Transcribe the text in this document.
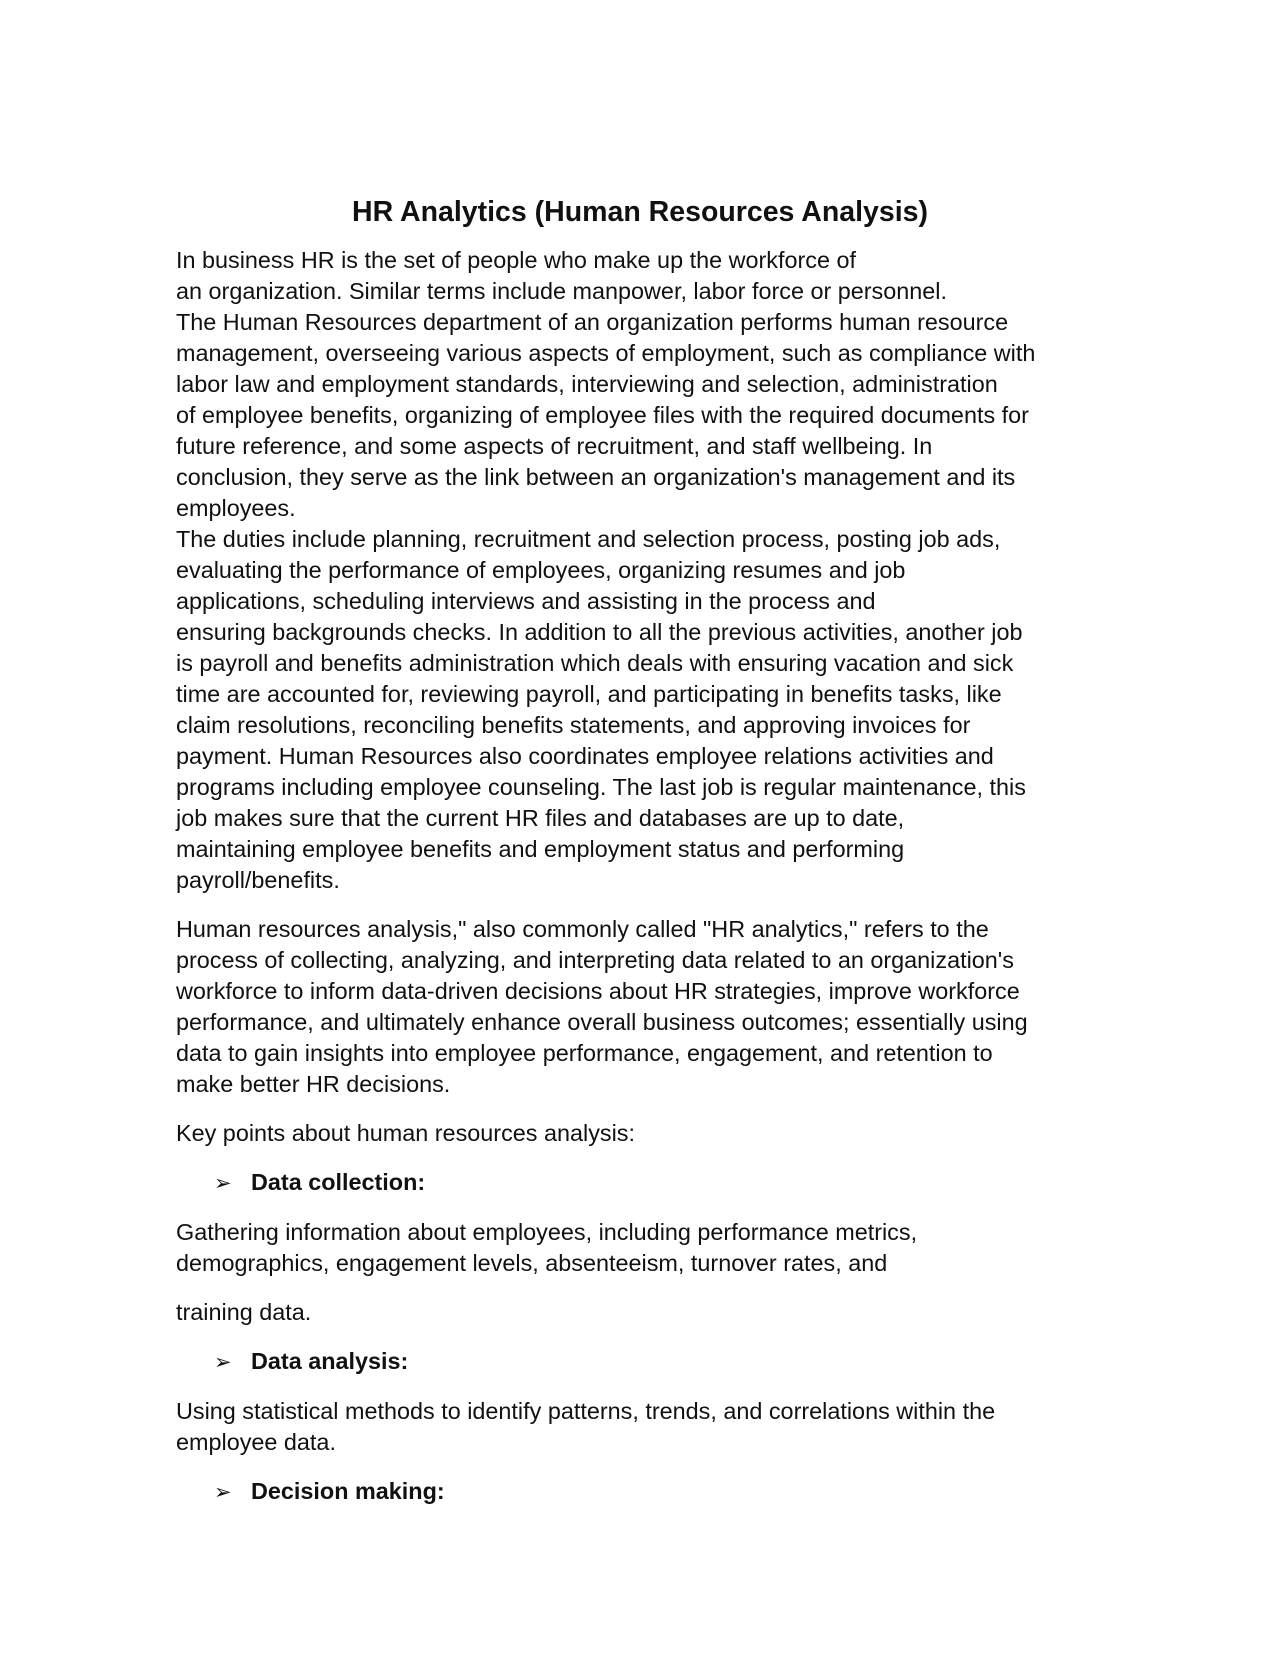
HR Analytics (Human Resources Analysis)
In business HR is the set of people who make up the workforce of
an organization. Similar terms include manpower, labor force or personnel.
The Human Resources department of an organization performs human resource
management, overseeing various aspects of employment, such as compliance with
labor law and employment standards, interviewing and selection, administration
of employee benefits, organizing of employee files with the required documents for
future reference, and some aspects of recruitment, and staff wellbeing. In
conclusion, they serve as the link between an organization's management and its
employees.
The duties include planning, recruitment and selection process, posting job ads,
evaluating the performance of employees, organizing resumes and job
applications, scheduling interviews and assisting in the process and
ensuring backgrounds checks. In addition to all the previous activities, another job
is payroll and benefits administration which deals with ensuring vacation and sick
time are accounted for, reviewing payroll, and participating in benefits tasks, like
claim resolutions, reconciling benefits statements, and approving invoices for
payment. Human Resources also coordinates employee relations activities and
programs including employee counseling. The last job is regular maintenance, this
job makes sure that the current HR files and databases are up to date,
maintaining employee benefits and employment status and performing
payroll/benefits.
Human resources analysis," also commonly called "HR analytics," refers to the
process of collecting, analyzing, and interpreting data related to an organization's
workforce to inform data-driven decisions about HR strategies, improve workforce
performance, and ultimately enhance overall business outcomes; essentially using
data to gain insights into employee performance, engagement, and retention to
make better HR decisions.
Key points about human resources analysis:
➢ Data collection:
Gathering information about employees, including performance metrics,
demographics, engagement levels, absenteeism, turnover rates, and
training data.
➢ Data analysis:
Using statistical methods to identify patterns, trends, and correlations within the
employee data.
➢ Decision making:
